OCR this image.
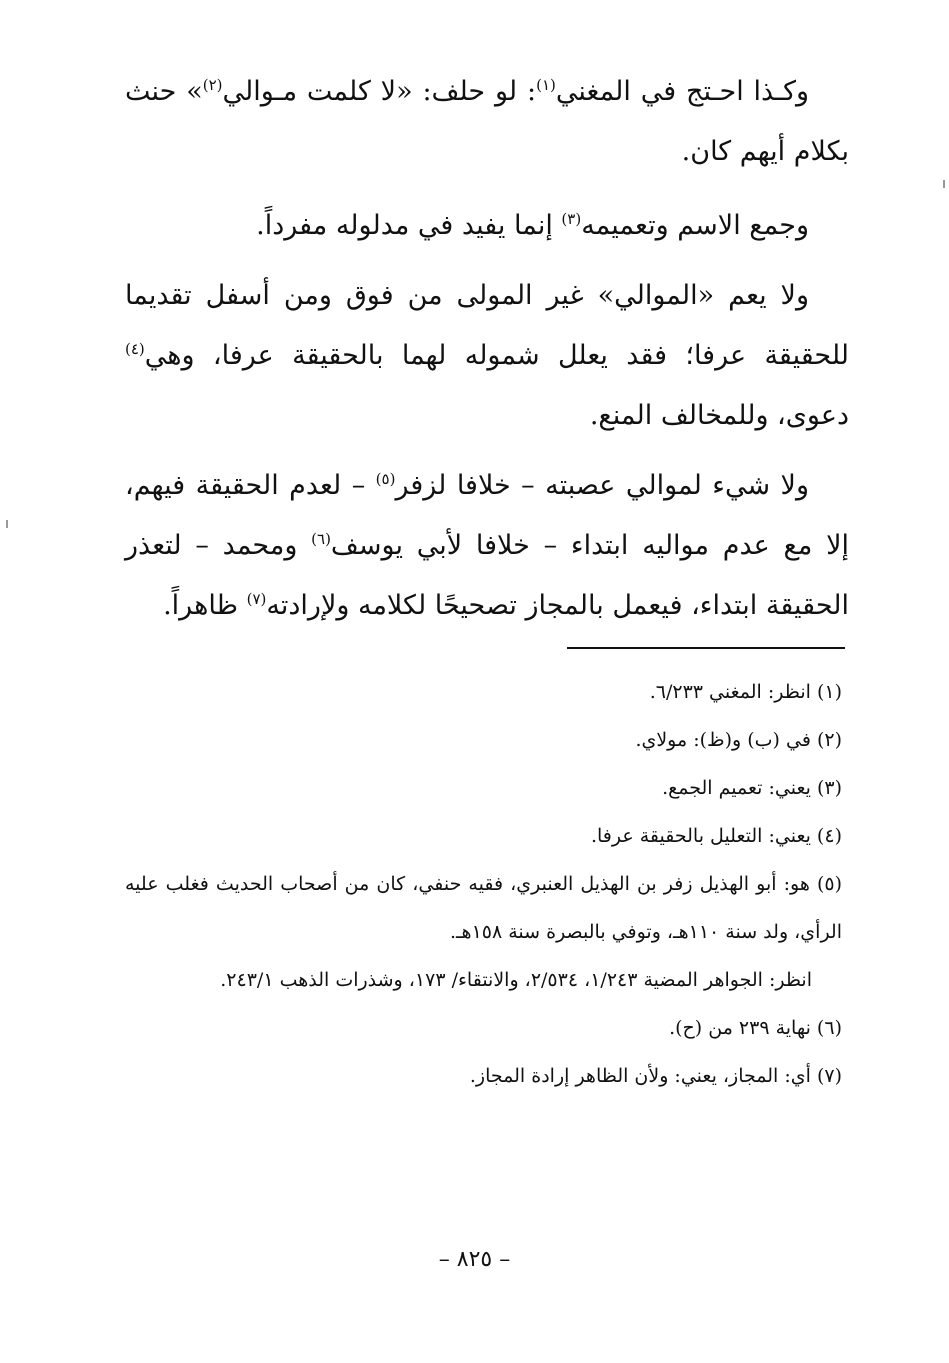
وكـذا احـتج في المغني$^{(١)}$: لو حلف: «لا كلمت مـوالي$^{(٢)}$» حنث بكلام أيهم كان.

وجمع الاسم وتعميمه$^{(٣)}$ إنما يفيد في مدلوله مفرداً.

ولا يعم «الموالي» غير المولى من فوق ومن أسفل تقديما للحقيقة عرفا؛ فقد يعلل شموله لهما بالحقيقة عرفا، وهي$^{(٤)}$ دعوى، وللمخالف المنع.

ولا شيء لموالي عصبته – خلافا لزفر$^{(٥)}$ – لعدم الحقيقة فيهم، إلا مع عدم مواليه ابتداء – خلافا لأبي يوسف$^{(٦)}$ ومحمد – لتعذر الحقيقة ابتداء، فيعمل بالمجاز تصحيحًا لكلامه ولإرادته$^{(٧)}$ ظاهراً.

(١) انظر: المغني ٦/٢٣٣.

(٢) في (ب) و(ظ): مولاي.

(٣) يعني: تعميم الجمع.

(٤) يعني: التعليل بالحقيقة عرفا.

(٥) هو: أبو الهذيل زفر بن الهذيل العنبري، فقيه حنفي، كان من أصحاب الحديث فغلب عليه الرأي، ولد سنة ١١٠هـ، وتوفي بالبصرة سنة ١٥٨هـ.

انظر: الجواهر المضية ١/٢٤٣، ٢/٥٣٤، والانتقاء/ ١٧٣، وشذرات الذهب ٢٤٣/١.

(٦) نهاية ٢٣٩ من (ح).

(٧) أي: المجاز، يعني: ولأن الظاهر إرادة المجاز.

– ٨٢٥ –
